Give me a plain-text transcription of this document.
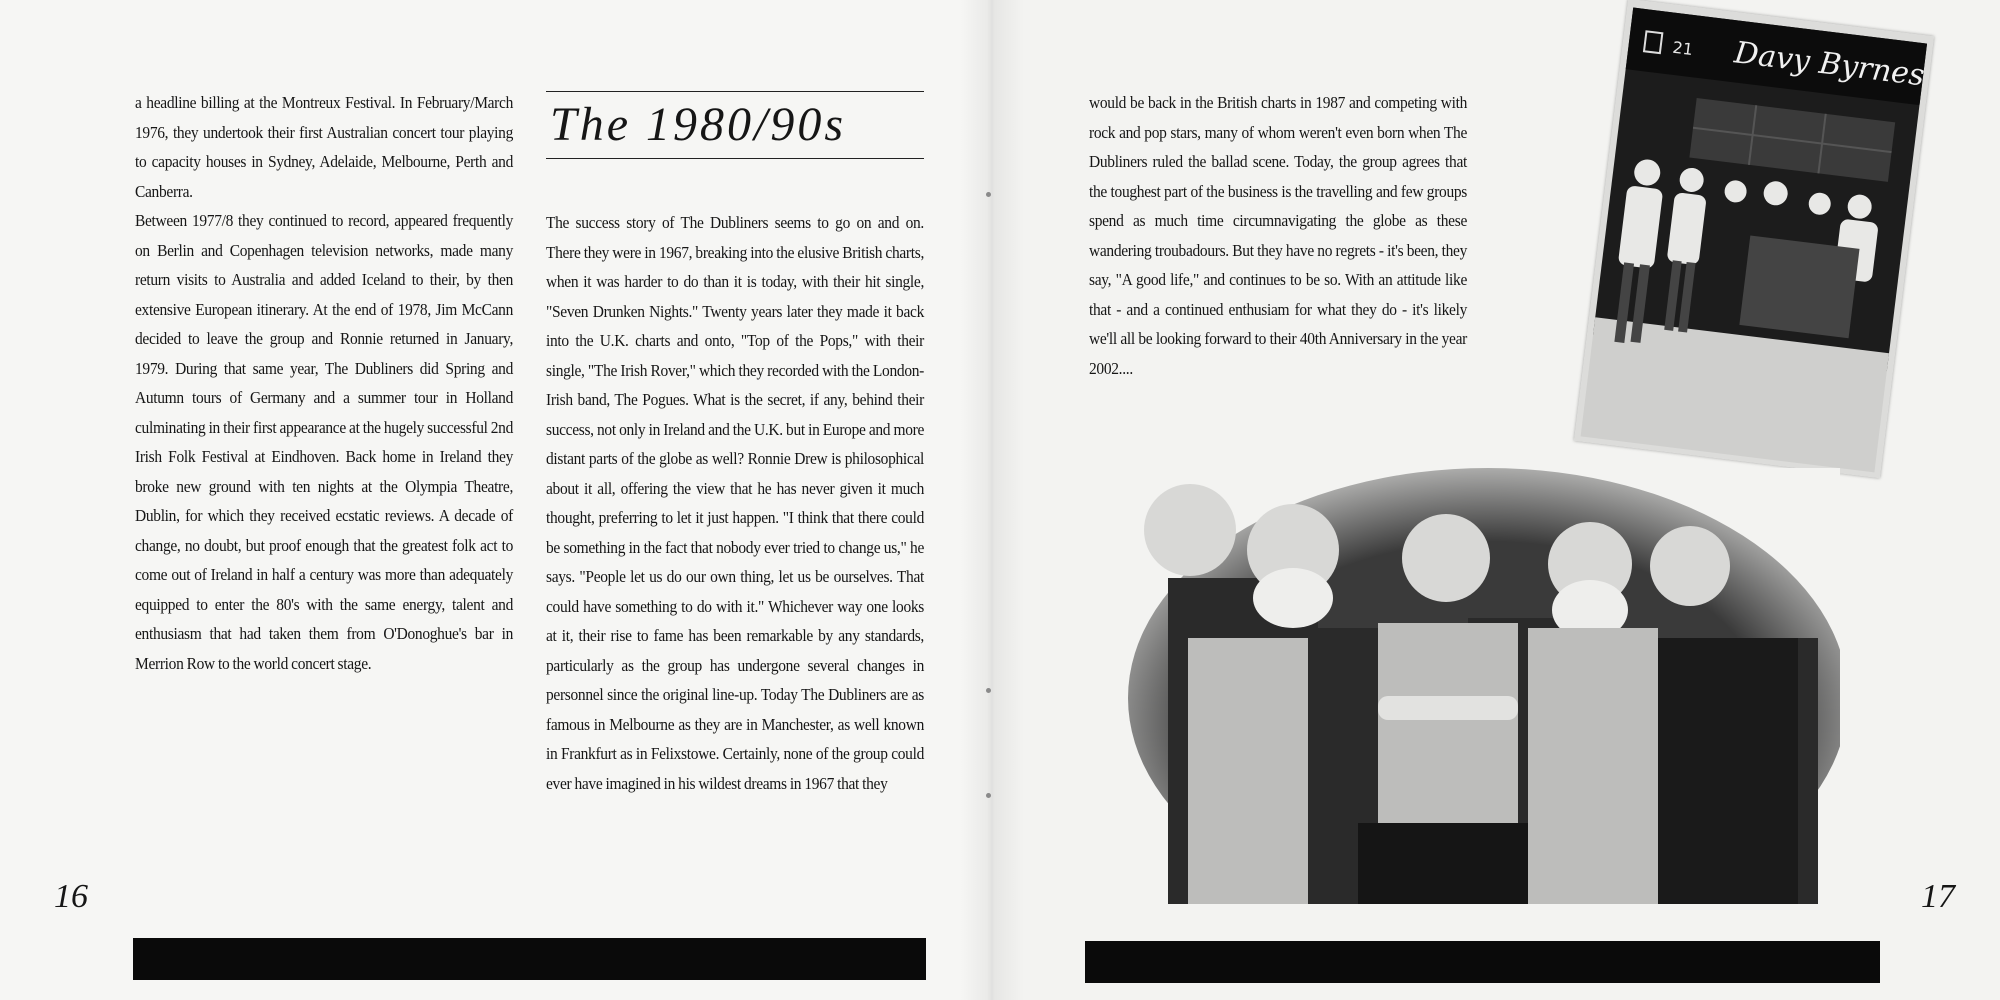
a headline billing at the Montreux Festival. In February/March 1976, they undertook their first Australian concert tour playing to capacity houses in Sydney, Adelaide, Melbourne, Perth and Canberra.

Between 1977/8 they continued to record, appeared frequently on Berlin and Copenhagen television networks, made many return visits to Australia and added Iceland to their, by then extensive European itinerary. At the end of 1978, Jim McCann decided to leave the group and Ronnie returned in January, 1979. During that same year, The Dubliners did Spring and Autumn tours of Germany and a summer tour in Holland culminating in their first appearance at the hugely successful 2nd Irish Folk Festival at Eindhoven. Back home in Ireland they broke new ground with ten nights at the Olympia Theatre, Dublin, for which they received ecstatic reviews. A decade of change, no doubt, but proof enough that the greatest folk act to come out of Ireland in half a century was more than adequately equipped to enter the 80's with the same energy, talent and enthusiasm that had taken them from O'Donoghue's bar in Merrion Row to the world concert stage.

The 1980/90s

The success story of The Dubliners seems to go on and on. There they were in 1967, breaking into the elusive British charts, when it was harder to do than it is today, with their hit single, "Seven Drunken Nights." Twenty years later they made it back into the U.K. charts and onto, "Top of the Pops," with their single, "The Irish Rover," which they recorded with the London-Irish band, The Pogues. What is the secret, if any, behind their success, not only in Ireland and the U.K. but in Europe and more distant parts of the globe as well? Ronnie Drew is philosophical about it all, offering the view that he has never given it much thought, preferring to let it just happen. "I think that there could be something in the fact that nobody ever tried to change us," he says. "People let us do our own thing, let us be ourselves. That could have something to do with it." Whichever way one looks at it, their rise to fame has been remarkable by any standards, particularly as the group has undergone several changes in personnel since the original line-up. Today The Dubliners are as famous in Melbourne as they are in Manchester, as well known in Frankfurt as in Felixstowe. Certainly, none of the group could ever have imagined in his wildest dreams in 1967 that they

16

would be back in the British charts in 1987 and competing with rock and pop stars, many of whom weren't even born when The Dubliners ruled the ballad scene. Today, the group agrees that the toughest part of the business is the travelling and few groups spend as much time circumnavigating the globe as these wandering troubadours. But they have no regrets - it's been, they say, "A good life," and continues to be so. With an attitude like that - and a continued enthusiam for what they do - it's likely we'll all be looking forward to their 40th Anniversary in the year 2002....

Davy Byrnes
21
17
